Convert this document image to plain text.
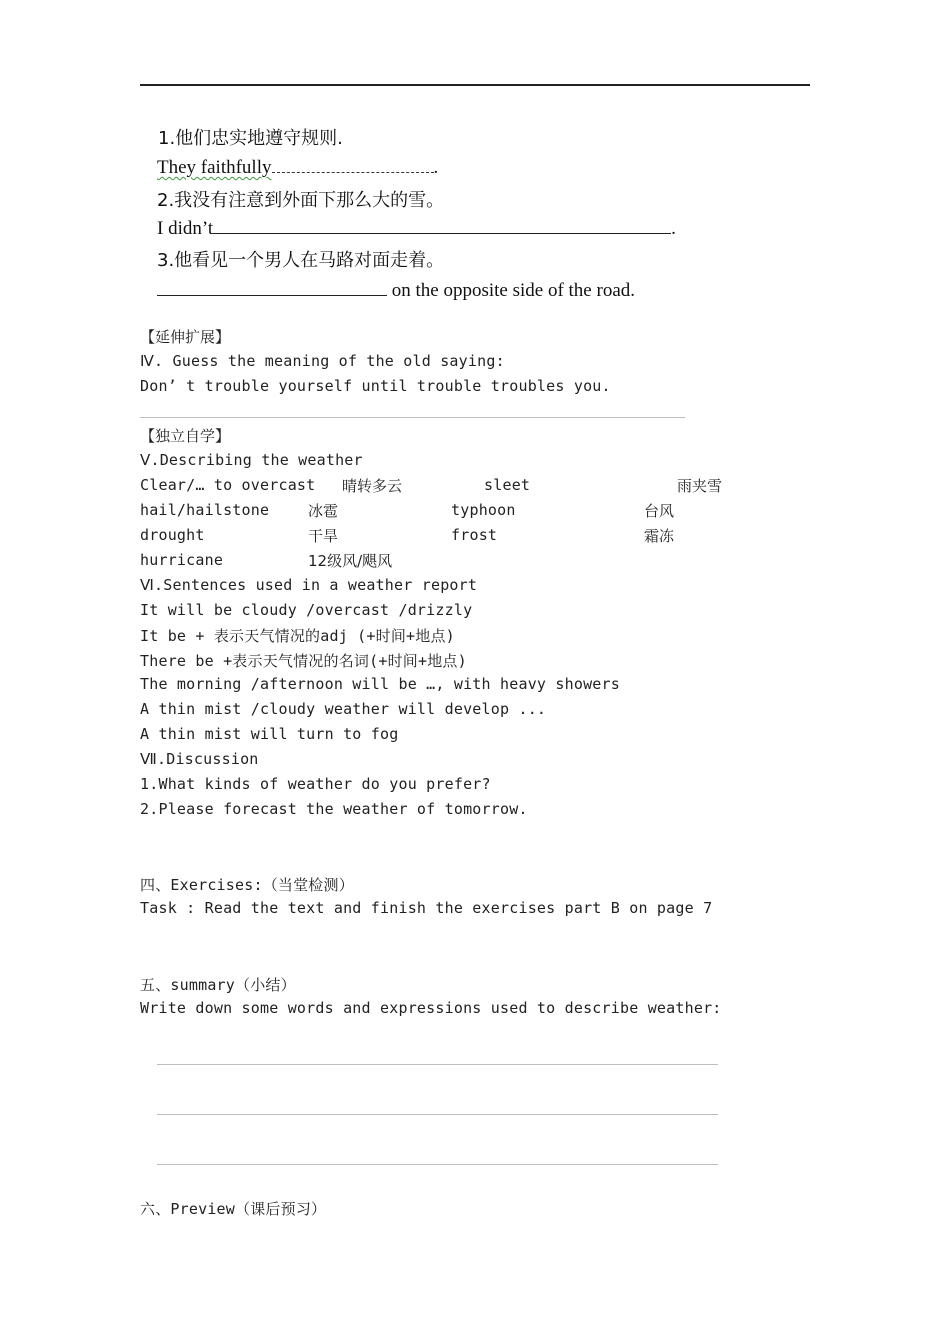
1.他们忠实地遵守规则.
They faithfully	.
2.我没有注意到外面下那么大的雪。
I didn’t	.
3.他看见一个男人在马路对面走着。
on the opposite side of the road.
【延伸扩展】
Ⅳ. Guess the meaning of the old saying:
Don’ t trouble yourself until trouble troubles you.
【独立自学】
Ⅴ.Describing the weather
Clear/… to overcast 晴转多云	sleet	雨夹雪
hail/hailstone	冰雹	typhoon	台风
drought	干旱	frost	霜冻
hurricane	12级风/飓风
Ⅵ.Sentences used in a weather report
It will be cloudy /overcast /drizzly
It be + 表示天气情况的adj (+时间+地点)
There be +表示天气情况的名词(+时间+地点)
The morning /afternoon will be …, with heavy showers
A thin mist /cloudy weather will develop ...
A thin mist will turn to fog
Ⅶ.Discussion
1.What kinds of weather do you prefer?
2.Please forecast the weather of tomorrow.
四、Exercises:（当堂检测）
Task : Read the text and finish the exercises part B on page 7
五、summary（小结）
Write down some words and expressions used to describe weather:
六、Preview（课后预习）
